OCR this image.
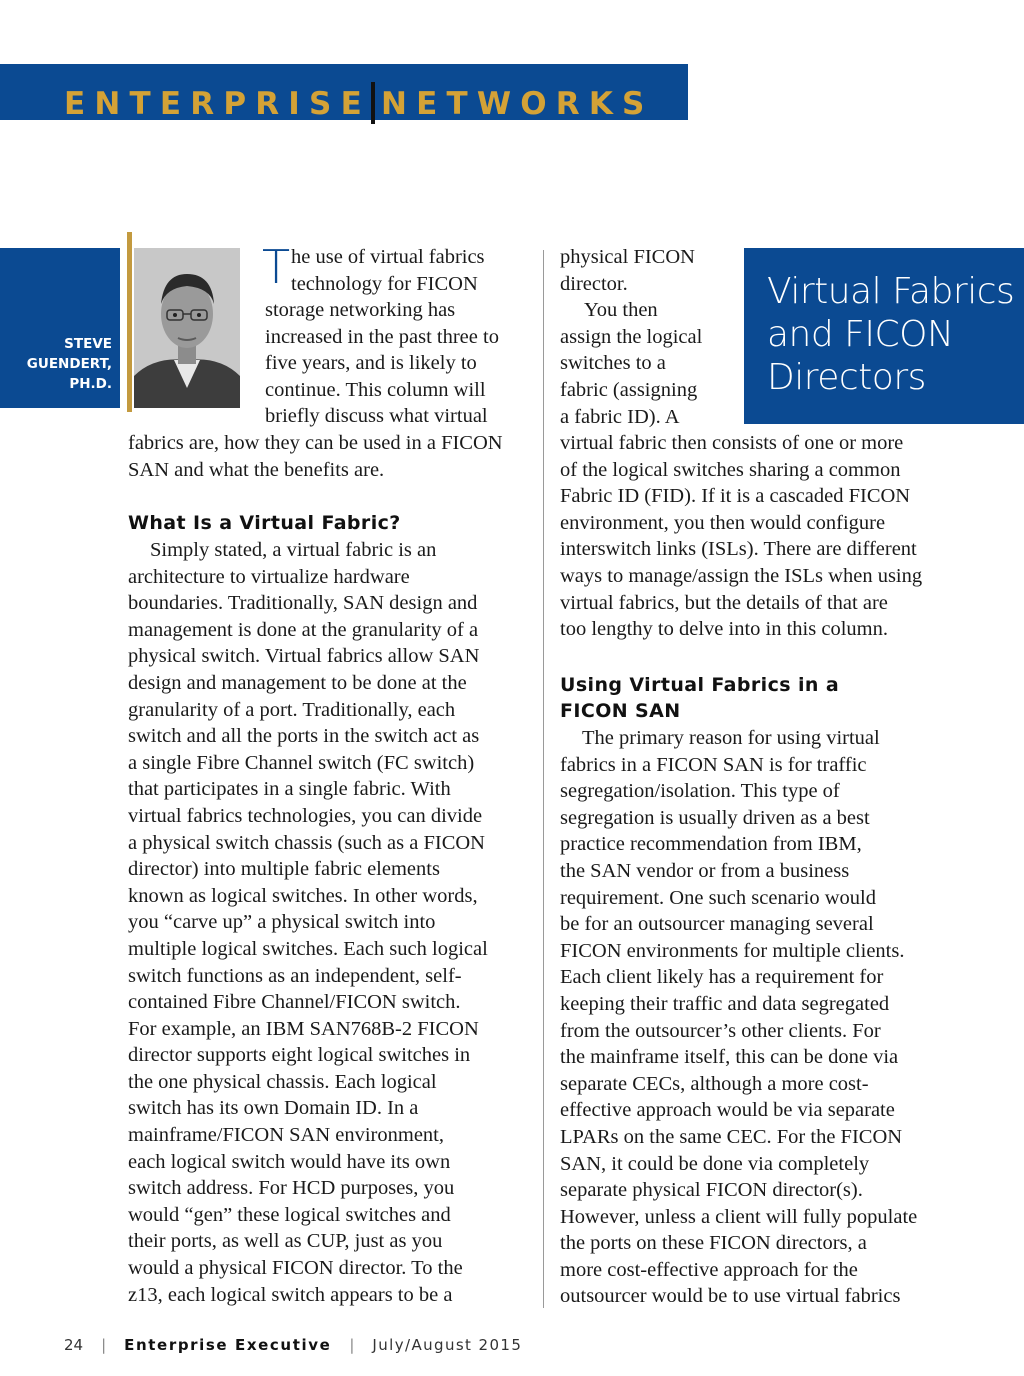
ENTERPRISE NETWORKS
STEVE
GUENDERT,
PH.D.
Virtual Fabrics
and FICON
Directors
T he use of virtual fabrics
technology for FICON
storage networking has
increased in the past three to
five years, and is likely to
continue. This column will
briefly discuss what virtual
fabrics are, how they can be used in a FICON
SAN and what the benefits are.
What Is a Virtual Fabric?
Simply stated, a virtual fabric is an
architecture to virtualize hardware
boundaries. Traditionally, SAN design and
management is done at the granularity of a
physical switch. Virtual fabrics allow SAN
design and management to be done at the
granularity of a port. Traditionally, each
switch and all the ports in the switch act as
a single Fibre Channel switch (FC switch)
that participates in a single fabric. With
virtual fabrics technologies, you can divide
a physical switch chassis (such as a FICON
director) into multiple fabric elements
known as logical switches. In other words,
you “carve up” a physical switch into
multiple logical switches. Each such logical
switch functions as an independent, self-
contained Fibre Channel/FICON switch.
For example, an IBM SAN768B-2 FICON
director supports eight logical switches in
the one physical chassis. Each logical
switch has its own Domain ID. In a
mainframe/FICON SAN environment,
each logical switch would have its own
switch address. For HCD purposes, you
would “gen” these logical switches and
their ports, as well as CUP, just as you
would a physical FICON director. To the
z13, each logical switch appears to be a
physical FICON
director.
You then
assign the logical
switches to a
fabric (assigning
a fabric ID). A
virtual fabric then consists of one or more
of the logical switches sharing a common
Fabric ID (FID). If it is a cascaded FICON
environment, you then would configure
interswitch links (ISLs). There are different
ways to manage/assign the ISLs when using
virtual fabrics, but the details of that are
too lengthy to delve into in this column.
Using Virtual Fabrics in a
FICON SAN
The primary reason for using virtual
fabrics in a FICON SAN is for traffic
segregation/isolation. This type of
segregation is usually driven as a best
practice recommendation from IBM,
the SAN vendor or from a business
requirement. One such scenario would
be for an outsourcer managing several
FICON environments for multiple clients.
Each client likely has a requirement for
keeping their traffic and data segregated
from the outsourcer’s other clients. For
the mainframe itself, this can be done via
separate CECs, although a more cost-
effective approach would be via separate
LPARs on the same CEC. For the FICON
SAN, it could be done via completely
separate physical FICON director(s).
However, unless a client will fully populate
the ports on these FICON directors, a
more cost-effective approach for the
outsourcer would be to use virtual fabrics
24 | Enterprise Executive | July/August 2015
